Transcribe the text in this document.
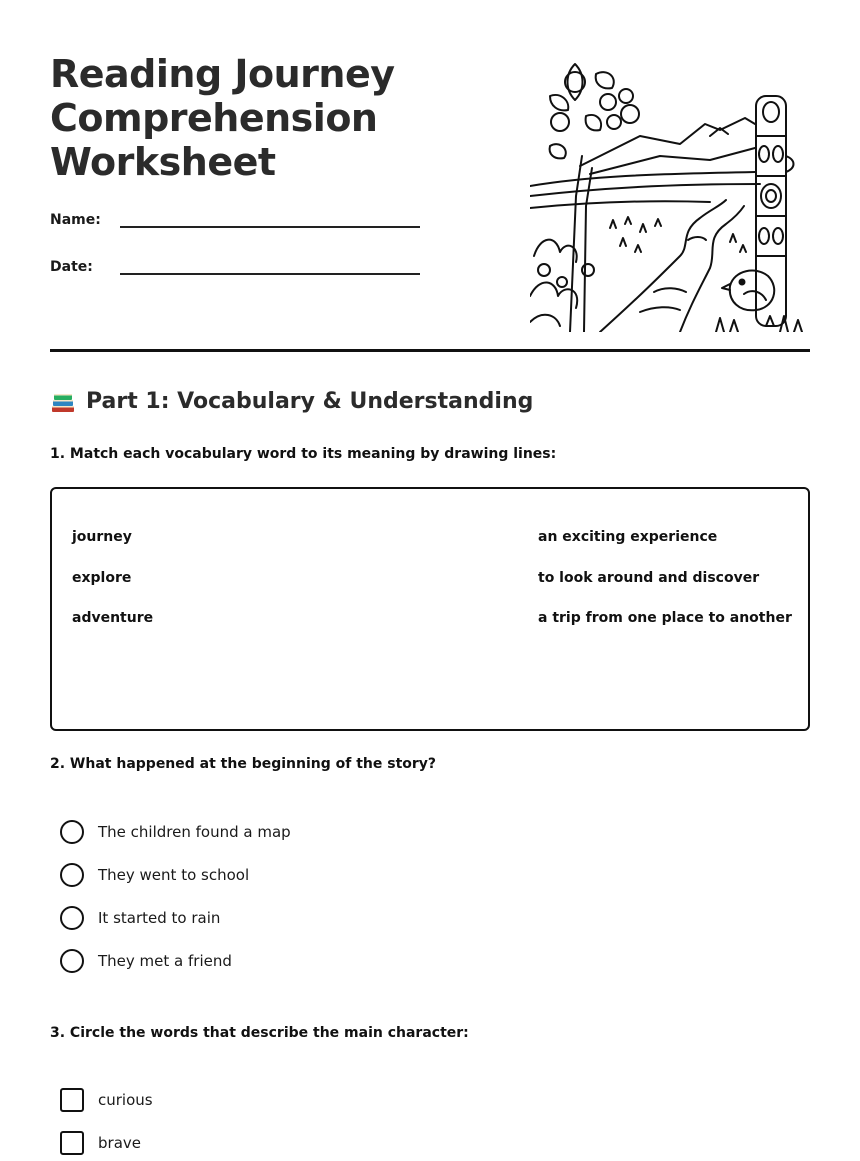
Reading Journey
Comprehension
Worksheet
Name:
Date:
Part 1: Vocabulary & Understanding
1. Match each vocabulary word to its meaning by drawing lines:
journey
explore
adventure
an exciting experience
to look around and discover
a trip from one place to another
2. What happened at the beginning of the story?
The children found a map
They went to school
It started to rain
They met a friend
3. Circle the words that describe the main character:
curious
brave
